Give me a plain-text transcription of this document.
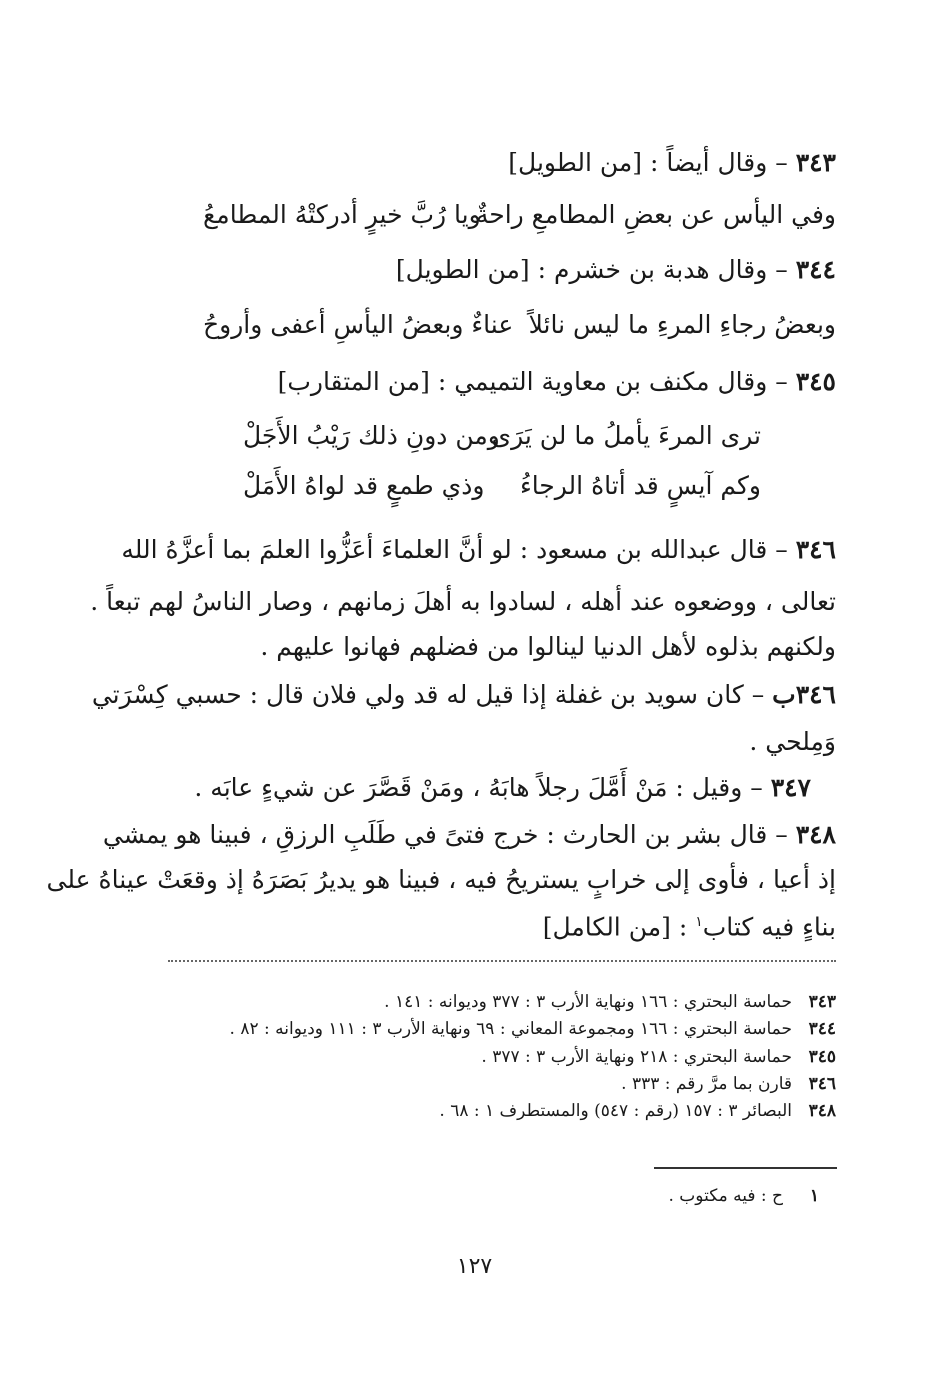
٣٤٣ – وقال أيضاً : [من الطويل]
وفي اليأس عن بعضِ المطامعِ راحةٌ
ويا رُبَّ خيرٍ أدركتْهُ المطامعُ
٣٤٤ – وقال هدبة بن خشرم : [من الطويل]
وبعضُ رجاءِ المرءِ ما ليس نائلاً
عناءٌ وبعضُ اليأسِ أعفى وأروحُ
٣٤٥ – وقال مكنف بن معاوية التميمي : [من المتقارب]
ترى المرءَ يأملُ ما لن يَرَى
ومن دونِ ذلك رَيْبُ الأَجَلْ
وكم آيسٍ قد أتاهُ الرجاءُ
وذي طمعٍ قد لواهُ الأَمَلْ
٣٤٦ – قال عبدالله بن مسعود : لو أنَّ العلماءَ أعَزُّوا العلمَ بما أعزَّهُ الله
تعالى ، ووضعوه عند أهله ، لسادوا به أهلَ زمانهم ، وصار الناسُ لهم تبعاً .
ولكنهم بذلوه لأهل الدنيا لينالوا من فضلهم فهانوا عليهم .
٣٤٦ب – كان سويد بن غفلة إذا قيل له قد ولي فلان قال : حسبي كِسْرَتي
وَمِلحي .
٣٤٧ – وقيل : مَنْ أَمَّلَ رجلاً هابَهُ ، ومَنْ قَصَّرَ عن شيءٍ عابَه .
٣٤٨ – قال بشر بن الحارث : خرج فتىً في طَلَبِ الرزقِ ، فبينا هو يمشي
إذ أعيا ، فأوى إلى خرابٍ يستريحُ فيه ، فبينا هو يديرُ بَصَرَهُ إذ وقعَتْ عيناهُ على
بناءٍ فيه كتاب$^١$ : [من الكامل]
٣٤٣حماسة البحتري : ١٦٦ ونهاية الأرب ٣ : ٣٧٧ وديوانه : ١٤١ .
٣٤٤حماسة البحتري : ١٦٦ ومجموعة المعاني : ٦٩ ونهاية الأرب ٣ : ١١١ وديوانه : ٨٢ .
٣٤٥حماسة البحتري : ٢١٨ ونهاية الأرب ٣ : ٣٧٧ .
٣٤٦قارن بما مرَّ رقم : ٣٣٣ .
٣٤٨البصائر ٣ : ١٥٧ (رقم : ٥٤٧) والمستطرف ١ : ٦٨ .
١ح : فيه مكتوب .
١٢٧
